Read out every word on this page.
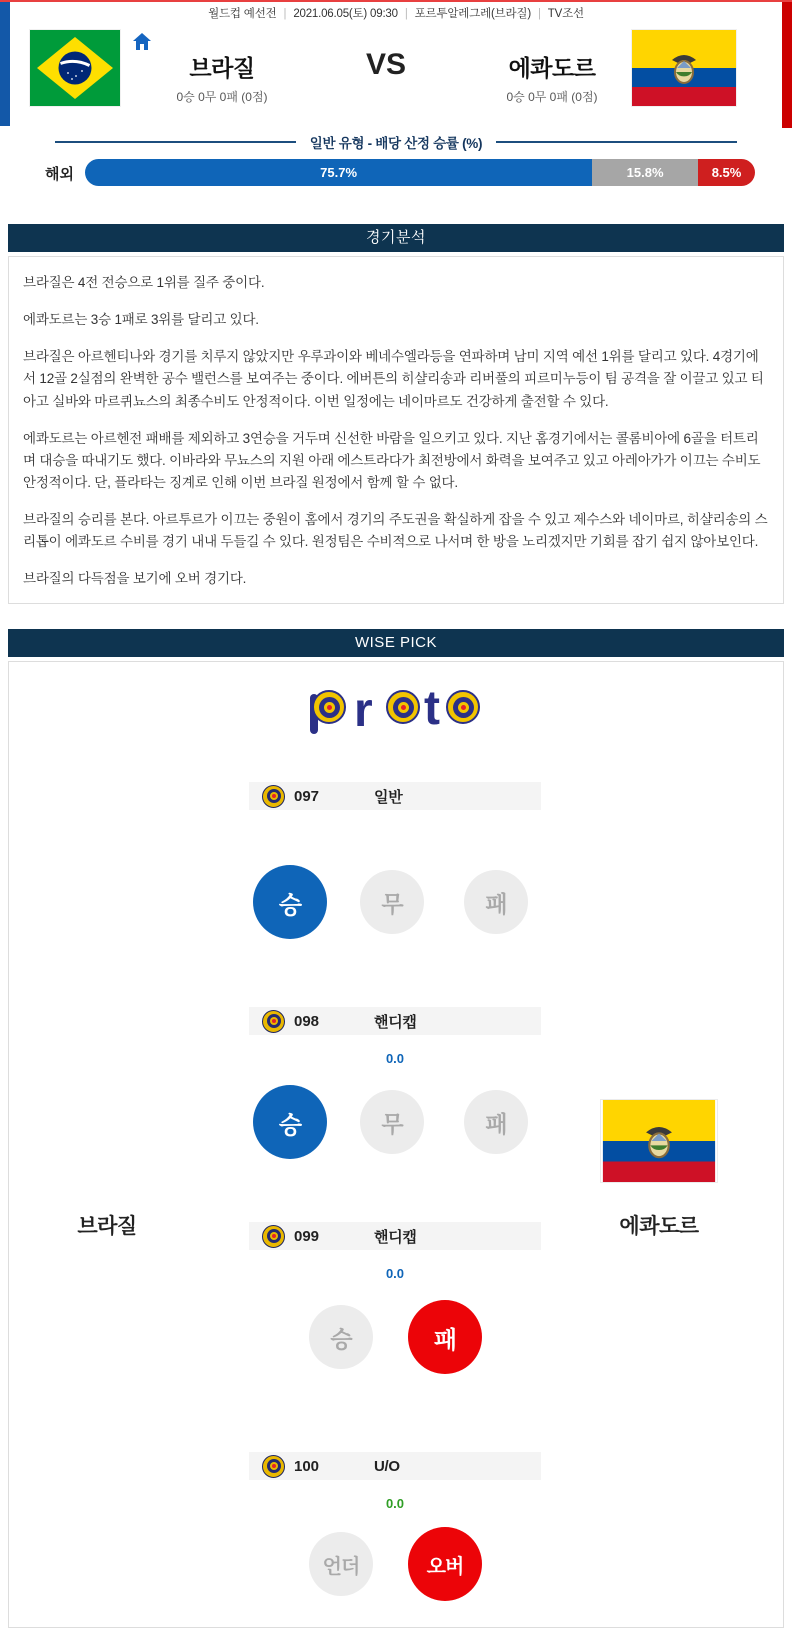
월드컵 예선전 | 2021.06.05(토) 09:30 | 포르투알레그레(브라질) | TV조선
브라질
0승 0무 0패 (0점)
VS	에콰도르
0승 0무 0패 (0점)
일반 유형 - 배당 산정 승률 (%)
해외	75.7%	15.8%	8.5%
경기분석

브라질은 4전 전승으로 1위를 질주 중이다.

에콰도르는 3승 1패로 3위를 달리고 있다.

브라질은 아르헨티나와 경기를 치루지 않았지만 우루과이와 베네수엘라등을 연파하며 남미 지역 예선 1위를 달리고 있다. 4경기에서 12골 2실점의 완벽한 공수 밸런스를 보여주는 중이다. 에버튼의 히샬리송과 리버풀의 피르미누등이 팀 공격을 잘 이끌고 있고 티아고 실바와 마르퀴뇨스의 최종수비도 안정적이다. 이번 일정에는 네이마르도 건강하게 출전할 수 있다.

에콰도르는 아르헨전 패배를 제외하고 3연승을 거두며 신선한 바람을 일으키고 있다. 지난 홈경기에서는 콜롬비아에 6골을 터트리며 대승을 따내기도 했다. 이바라와 무뇨스의 지원 아래 에스트라다가 최전방에서 화력을 보여주고 있고 아레아가가 이끄는 수비도 안정적이다. 단, 플라타는 징계로 인해 이번 브라질 원정에서 함께 할 수 없다.

브라질의 승리를 본다. 아르투르가 이끄는 중원이 홈에서 경기의 주도권을 확실하게 잡을 수 있고 제수스와 네이마르, 히샬리송의 스리톱이 에콰도르 수비를 경기 내내 두들길 수 있다. 원정팀은 수비적으로 나서며 한 방을 노리겠지만 기회를 잡기 쉽지 않아보인다.

브라질의 다득점을 보기에 오버 경기다.

WISE PICK
r t
097	일반
승	무	패
098	핸디캡
0.0
승	무	패
브라질	에콰도르
099	핸디캡
0.0
승	패
100	U/O
0.0
언더	오버
